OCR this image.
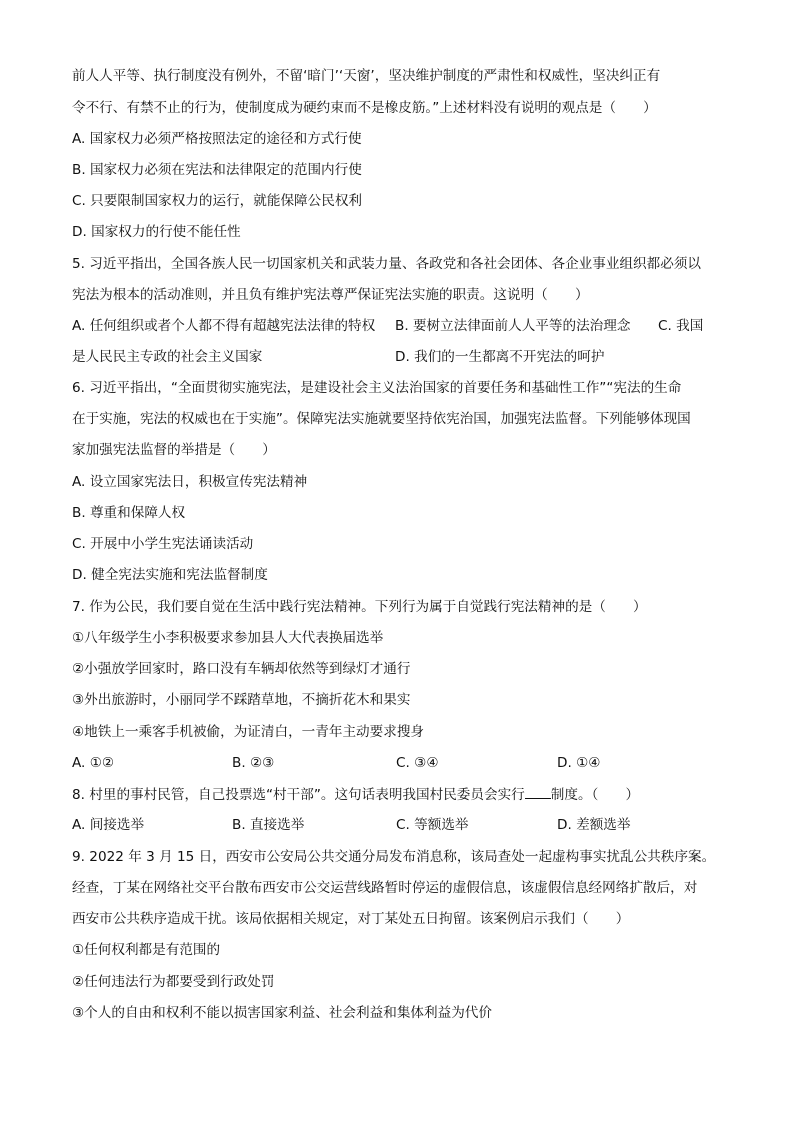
前人人平等、执行制度没有例外，不留‘暗门’‘天窗’，坚决维护制度的严肃性和权威性，坚决纠正有
令不行、有禁不止的行为，使制度成为硬约束而不是橡皮筋。”上述材料没有说明的观点是（　　）
A. 国家权力必须严格按照法定的途径和方式行使
B. 国家权力必须在宪法和法律限定的范围内行使
C. 只要限制国家权力的运行，就能保障公民权利
D. 国家权力的行使不能任性
5. 习近平指出，全国各族人民一切国家机关和武装力量、各政党和各社会团体、各企业事业组织都必须以
宪法为根本的活动准则，并且负有维护宪法尊严保证宪法实施的职责。这说明（　　）
A. 任何组织或者个人都不得有超越宪法法律的特权 B. 要树立法律面前人人平等的法治理念 C. 我国
是人民民主专政的社会主义国家	D. 我们的一生都离不开宪法的呵护
6. 习近平指出，“全面贯彻实施宪法，是建设社会主义法治国家的首要任务和基础性工作”“宪法的生命
在于实施，宪法的权威也在于实施”。保障宪法实施就要坚持依宪治国，加强宪法监督。下列能够体现国
家加强宪法监督的举措是（　　）
A. 设立国家宪法日，积极宣传宪法精神
B. 尊重和保障人权
C. 开展中小学生宪法诵读活动
D. 健全宪法实施和宪法监督制度
7. 作为公民，我们要自觉在生活中践行宪法精神。下列行为属于自觉践行宪法精神的是（　　）
①八年级学生小李积极要求参加县人大代表换届选举
②小强放学回家时，路口没有车辆却依然等到绿灯才通行
③外出旅游时，小丽同学不踩踏草地，不摘折花木和果实
④地铁上一乘客手机被偷，为证清白，一青年主动要求搜身
A. ①②	B. ②③	C. ③④	D. ①④
8. 村里的事村民管，自己投票选“村干部”。这句话表明我国村民委员会实行 制度。（　　）
A. 间接选举	B. 直接选举	C. 等额选举	D. 差额选举
9. 2022 年 3 月 15 日，西安市公安局公共交通分局发布消息称，该局查处一起虚构事实扰乱公共秩序案。
经查，丁某在网络社交平台散布西安市公交运营线路暂时停运的虚假信息，该虚假信息经网络扩散后，对
西安市公共秩序造成干扰。该局依据相关规定，对丁某处五日拘留。该案例启示我们（　　）
①任何权利都是有范围的
②任何违法行为都要受到行政处罚
③个人的自由和权利不能以损害国家利益、社会利益和集体利益为代价
